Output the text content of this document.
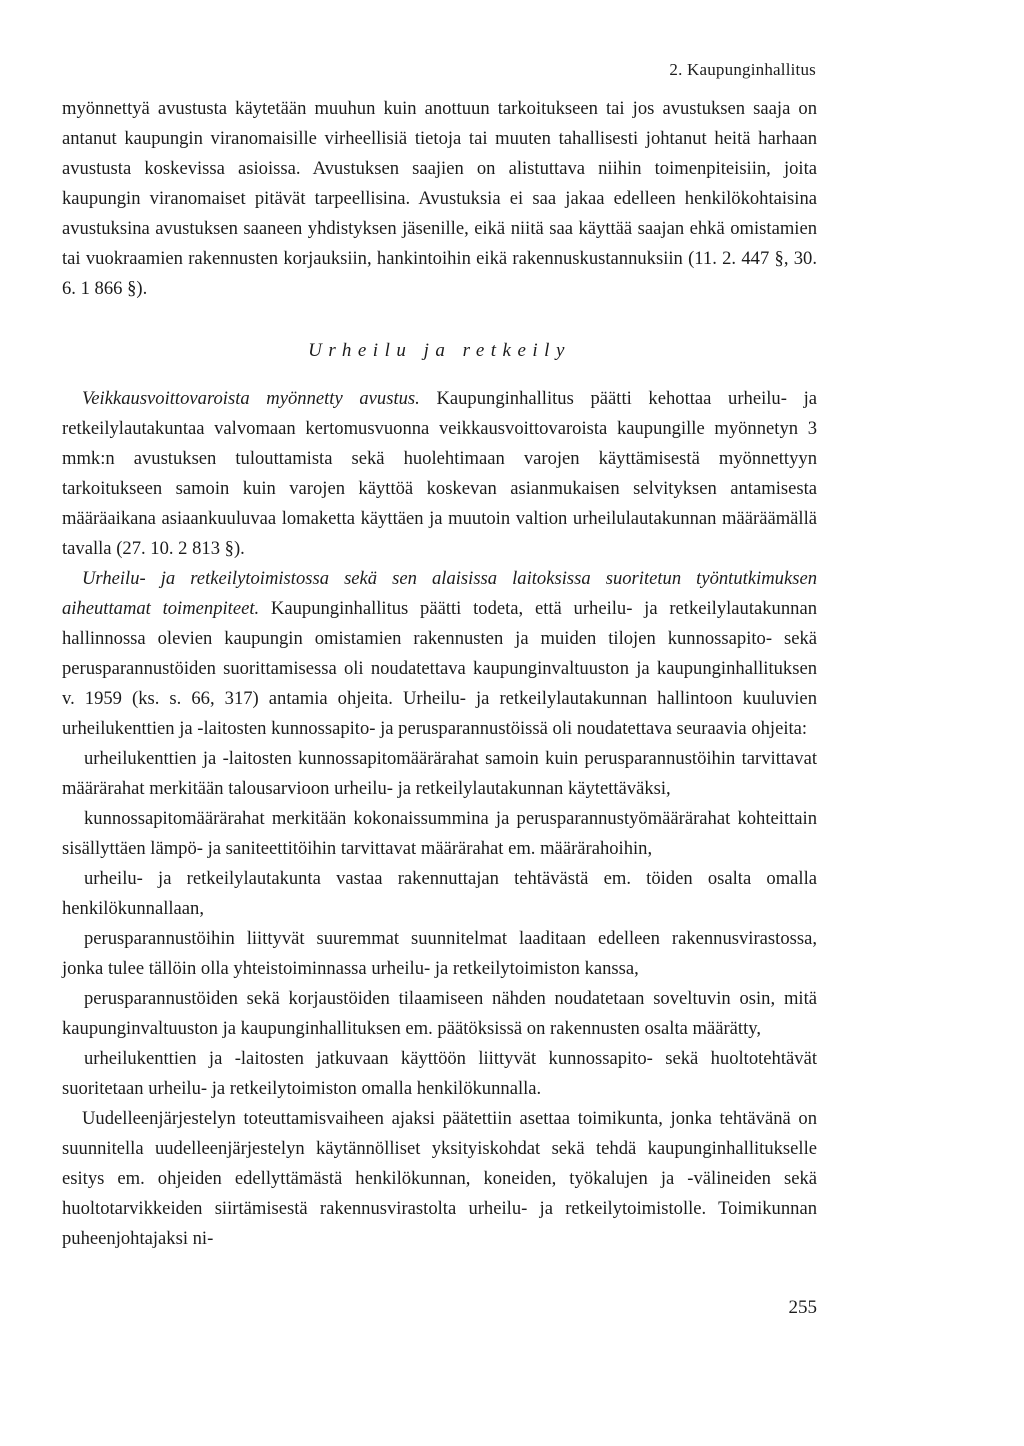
2. Kaupunginhallitus

myönnettyä avustusta käytetään muuhun kuin anottuun tarkoitukseen tai jos avustuksen saaja on antanut kaupungin viranomaisille virheellisiä tietoja tai muuten tahallisesti johtanut heitä harhaan avustusta koskevissa asioissa. Avustuksen saajien on alistuttava niihin toimenpiteisiin, joita kaupungin viranomaiset pitävät tarpeellisina. Avustuksia ei saa jakaa edelleen henkilökohtaisina avustuksina avustuksen saaneen yhdistyksen jäsenille, eikä niitä saa käyttää saajan ehkä omistamien tai vuokraamien rakennusten korjauksiin, hankintoihin eikä rakennuskustannuksiin (11. 2. 447 §, 30. 6. 1 866 §).

Urheilu ja retkeily

Veikkausvoittovaroista myönnetty avustus. Kaupunginhallitus päätti kehottaa urheilu- ja retkeilylautakuntaa valvomaan kertomusvuonna veikkausvoittovaroista kaupungille myönnetyn 3 mmk:n avustuksen tulouttamista sekä huolehtimaan varojen käyttämisestä myönnettyyn tarkoitukseen samoin kuin varojen käyttöä koskevan asianmukaisen selvityksen antamisesta määräaikana asiaankuuluvaa lomaketta käyttäen ja muutoin valtion urheilulautakunnan määräämällä tavalla (27. 10. 2 813 §).

Urheilu- ja retkeilytoimistossa sekä sen alaisissa laitoksissa suoritetun työntutkimuksen aiheuttamat toimenpiteet. Kaupunginhallitus päätti todeta, että urheilu- ja retkeilylautakunnan hallinnossa olevien kaupungin omistamien rakennusten ja muiden tilojen kunnossapito- sekä perusparannustöiden suorittamisessa oli noudatettava kaupunginvaltuuston ja kaupunginhallituksen v. 1959 (ks. s. 66, 317) antamia ohjeita. Urheilu- ja retkeilylautakunnan hallintoon kuuluvien urheilukenttien ja -laitosten kunnossapito- ja perusparannustöissä oli noudatettava seuraavia ohjeita:

urheilukenttien ja -laitosten kunnossapitomäärärahat samoin kuin perusparannustöihin tarvittavat määrärahat merkitään talousarvioon urheilu- ja retkeilylautakunnan käytettäväksi,

kunnossapitomäärärahat merkitään kokonaissummina ja perusparannustyömäärärahat kohteittain sisällyttäen lämpö- ja saniteettitöihin tarvittavat määrärahat em. määrärahoihin,

urheilu- ja retkeilylautakunta vastaa rakennuttajan tehtävästä em. töiden osalta omalla henkilökunnallaan,

perusparannustöihin liittyvät suuremmat suunnitelmat laaditaan edelleen rakennusvirastossa, jonka tulee tällöin olla yhteistoiminnassa urheilu- ja retkeilytoimiston kanssa,

perusparannustöiden sekä korjaustöiden tilaamiseen nähden noudatetaan soveltuvin osin, mitä kaupunginvaltuuston ja kaupunginhallituksen em. päätöksissä on rakennusten osalta määrätty,

urheilukenttien ja -laitosten jatkuvaan käyttöön liittyvät kunnossapito- sekä huoltotehtävät suoritetaan urheilu- ja retkeilytoimiston omalla henkilökunnalla.

Uudelleenjärjestelyn toteuttamisvaiheen ajaksi päätettiin asettaa toimikunta, jonka tehtävänä on suunnitella uudelleenjärjestelyn käytännölliset yksityiskohdat sekä tehdä kaupunginhallitukselle esitys em. ohjeiden edellyttämästä henkilökunnan, koneiden, työkalujen ja -välineiden sekä huoltotarvikkeiden siirtämisestä rakennusvirastolta urheilu- ja retkeilytoimistolle. Toimikunnan puheenjohtajaksi ni-

255
